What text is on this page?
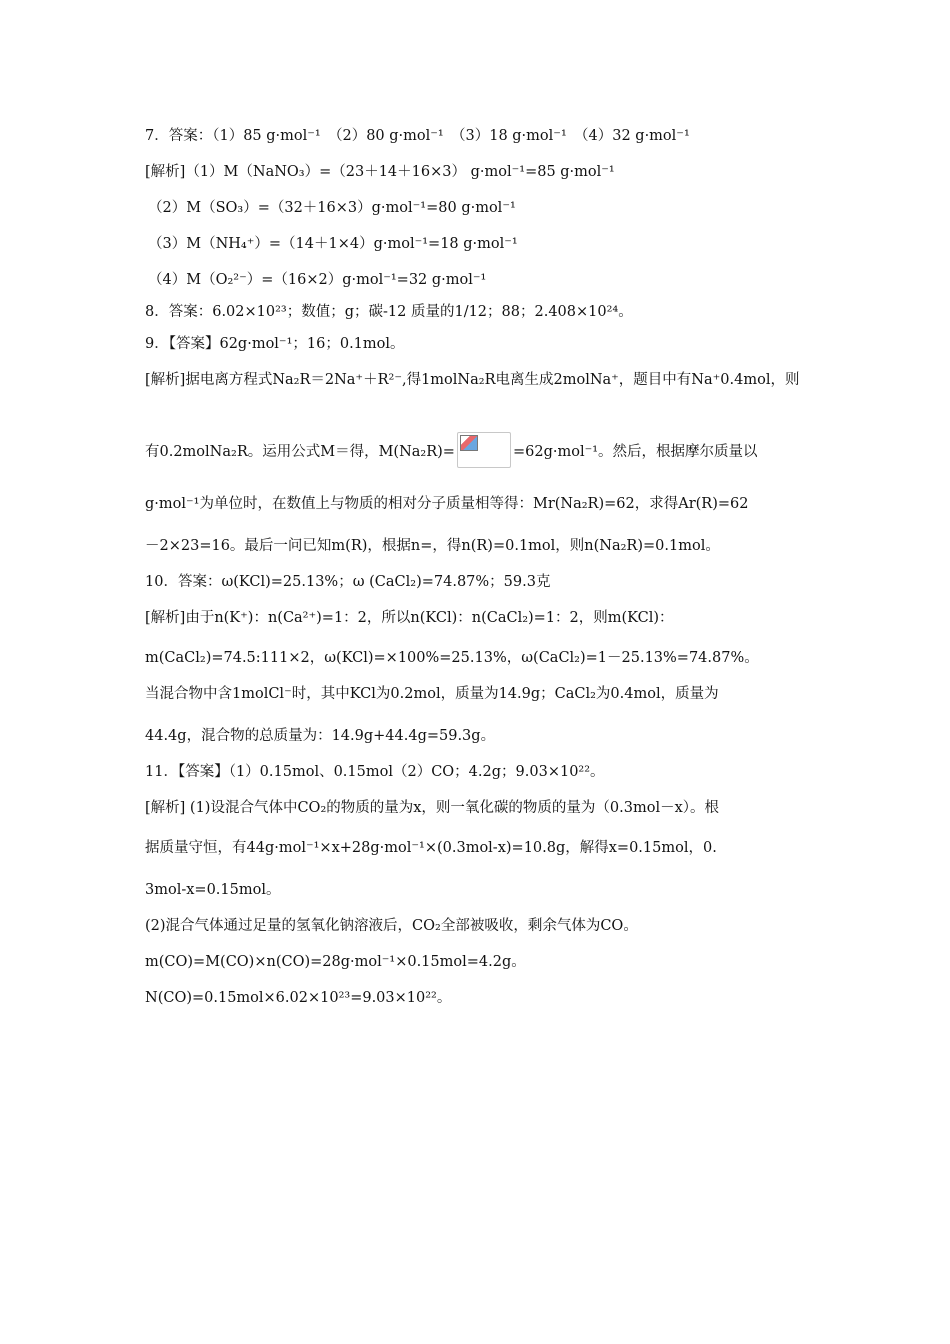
7．答案：（1）85 g·mol⁻¹　（2）80 g·mol⁻¹　（3）18 g·mol⁻¹　（4）32 g·mol⁻¹
[解析]（1）M（NaNO₃）=（23＋14＋16×3） g·mol⁻¹=85 g·mol⁻¹
（2）M（SO₃）=（32＋16×3）g·mol⁻¹=80 g·mol⁻¹
（3）M（NH₄⁺）=（14＋1×4）g·mol⁻¹=18 g·mol⁻¹
（4）M（O₂²⁻）=（16×2）g·mol⁻¹=32 g·mol⁻¹
8．答案：6.02×10²³；数值；g；碳-12 质量的1/12；88；2.408×10²⁴。
9．【答案】62g·mol⁻¹；16；0.1mol。
[解析]据电离方程式Na₂R＝2Na⁺＋R²⁻,得1molNa₂R电离生成2molNa⁺，题目中有Na⁺0.4mol，则
有0.2molNa₂R。运用公式M＝得，M(Na₂R)=	=62g·mol⁻¹。然后，根据摩尔质量以
g·mol⁻¹为单位时，在数值上与物质的相对分子质量相等得：Mr(Na₂R)=62，求得Ar(R)=62
－2×23=16。最后一问已知m(R)，根据n=，得n(R)=0.1mol，则n(Na₂R)=0.1mol。
10．答案：ω(KCl)=25.13%；ω (CaCl₂)=74.87%；59.3克
[解析]由于n(K⁺)：n(Ca²⁺)=1：2，所以n(KCl)：n(CaCl₂)=1：2，则m(KCl)：
m(CaCl₂)=74.5:111×2，ω(KCl)=×100%=25.13%，ω(CaCl₂)=1－25.13%=74.87%。
当混合物中含1molCl⁻时，其中KCl为0.2mol，质量为14.9g；CaCl₂为0.4mol，质量为
44.4g，混合物的总质量为：14.9g+44.4g=59.3g。
11．【答案】（1）0.15mol、0.15mol（2）CO；4.2g；9.03×10²²。
[解析] (1)设混合气体中CO₂的物质的量为x，则一氧化碳的物质的量为（0.3mol－x）。根
据质量守恒，有44g·mol⁻¹×x+28g·mol⁻¹×(0.3mol-x)=10.8g，解得x=0.15mol，0.
3mol-x=0.15mol。
(2)混合气体通过足量的氢氧化钠溶液后，CO₂全部被吸收，剩余气体为CO。
m(CO)=M(CO)×n(CO)=28g·mol⁻¹×0.15mol=4.2g。
N(CO)=0.15mol×6.02×10²³=9.03×10²²。
